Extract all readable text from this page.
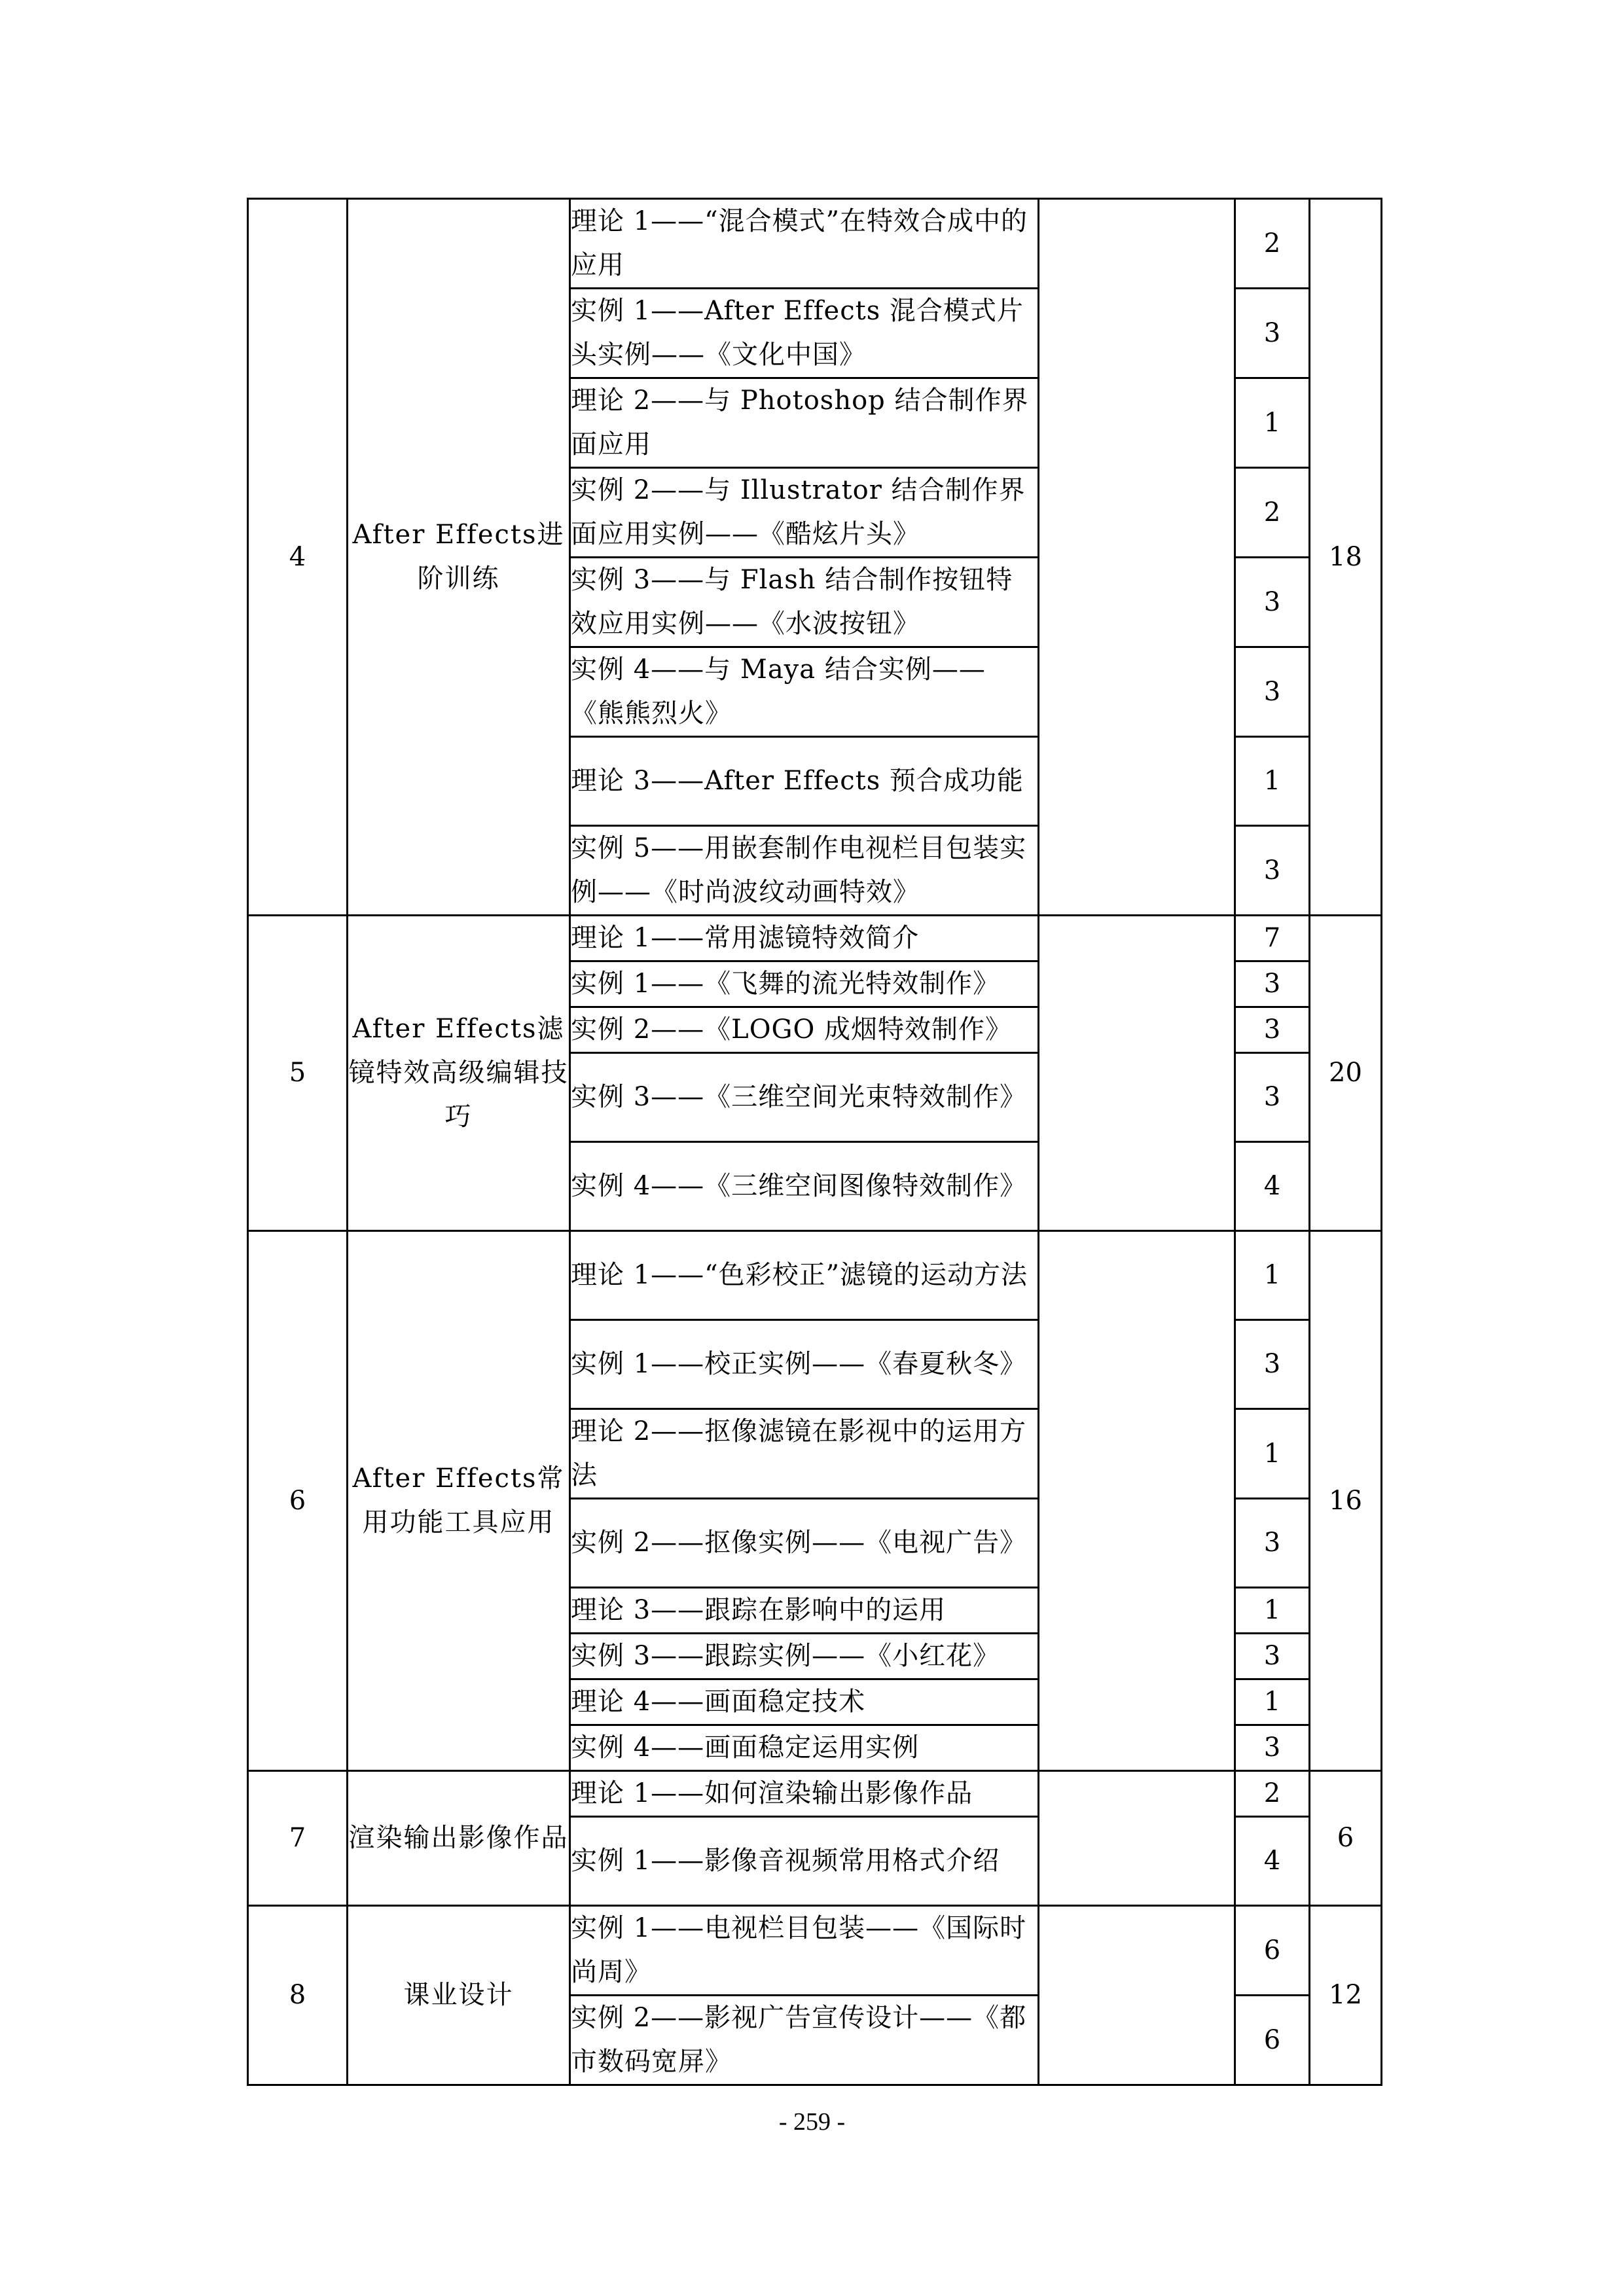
4	After Effects进阶训练	理论 1——“混合模式”在特效合成中的应用		2	18
		实例 1——After Effects 混合模式片头实例——《文化中国》		3	
		理论 2——与 Photoshop 结合制作界面应用		1	
		实例 2——与 Illustrator 结合制作界面应用实例——《酷炫片头》		2	
		实例 3——与 Flash 结合制作按钮特效应用实例——《水波按钮》		3	
		实例 4——与 Maya 结合实例——《熊熊烈火》		3	
		理论 3——After Effects 预合成功能		1	
		实例 5——用嵌套制作电视栏目包装实例——《时尚波纹动画特效》		3	
5	After Effects滤镜特效高级编辑技巧	理论 1——常用滤镜特效简介		7	20
		实例 1——《飞舞的流光特效制作》		3	
		实例 2——《LOGO 成烟特效制作》		3	
		实例 3——《三维空间光束特效制作》		3	
		实例 4——《三维空间图像特效制作》		4	
6	After Effects常用功能工具应用	理论 1——“色彩校正”滤镜的运动方法		1	16
		实例 1——校正实例——《春夏秋冬》		3	
		理论 2——抠像滤镜在影视中的运用方法		1	
		实例 2——抠像实例——《电视广告》		3	
		理论 3——跟踪在影响中的运用		1	
		实例 3——跟踪实例——《小红花》		3	
		理论 4——画面稳定技术		1	
		实例 4——画面稳定运用实例		3	
7	渲染输出影像作品	理论 1——如何渲染输出影像作品		2	6
		实例 1——影像音视频常用格式介绍		4	
8	课业设计	实例 1——电视栏目包装——《国际时尚周》		6	12
		实例 2——影视广告宣传设计——《都市数码宽屏》		6	
- 259 -
